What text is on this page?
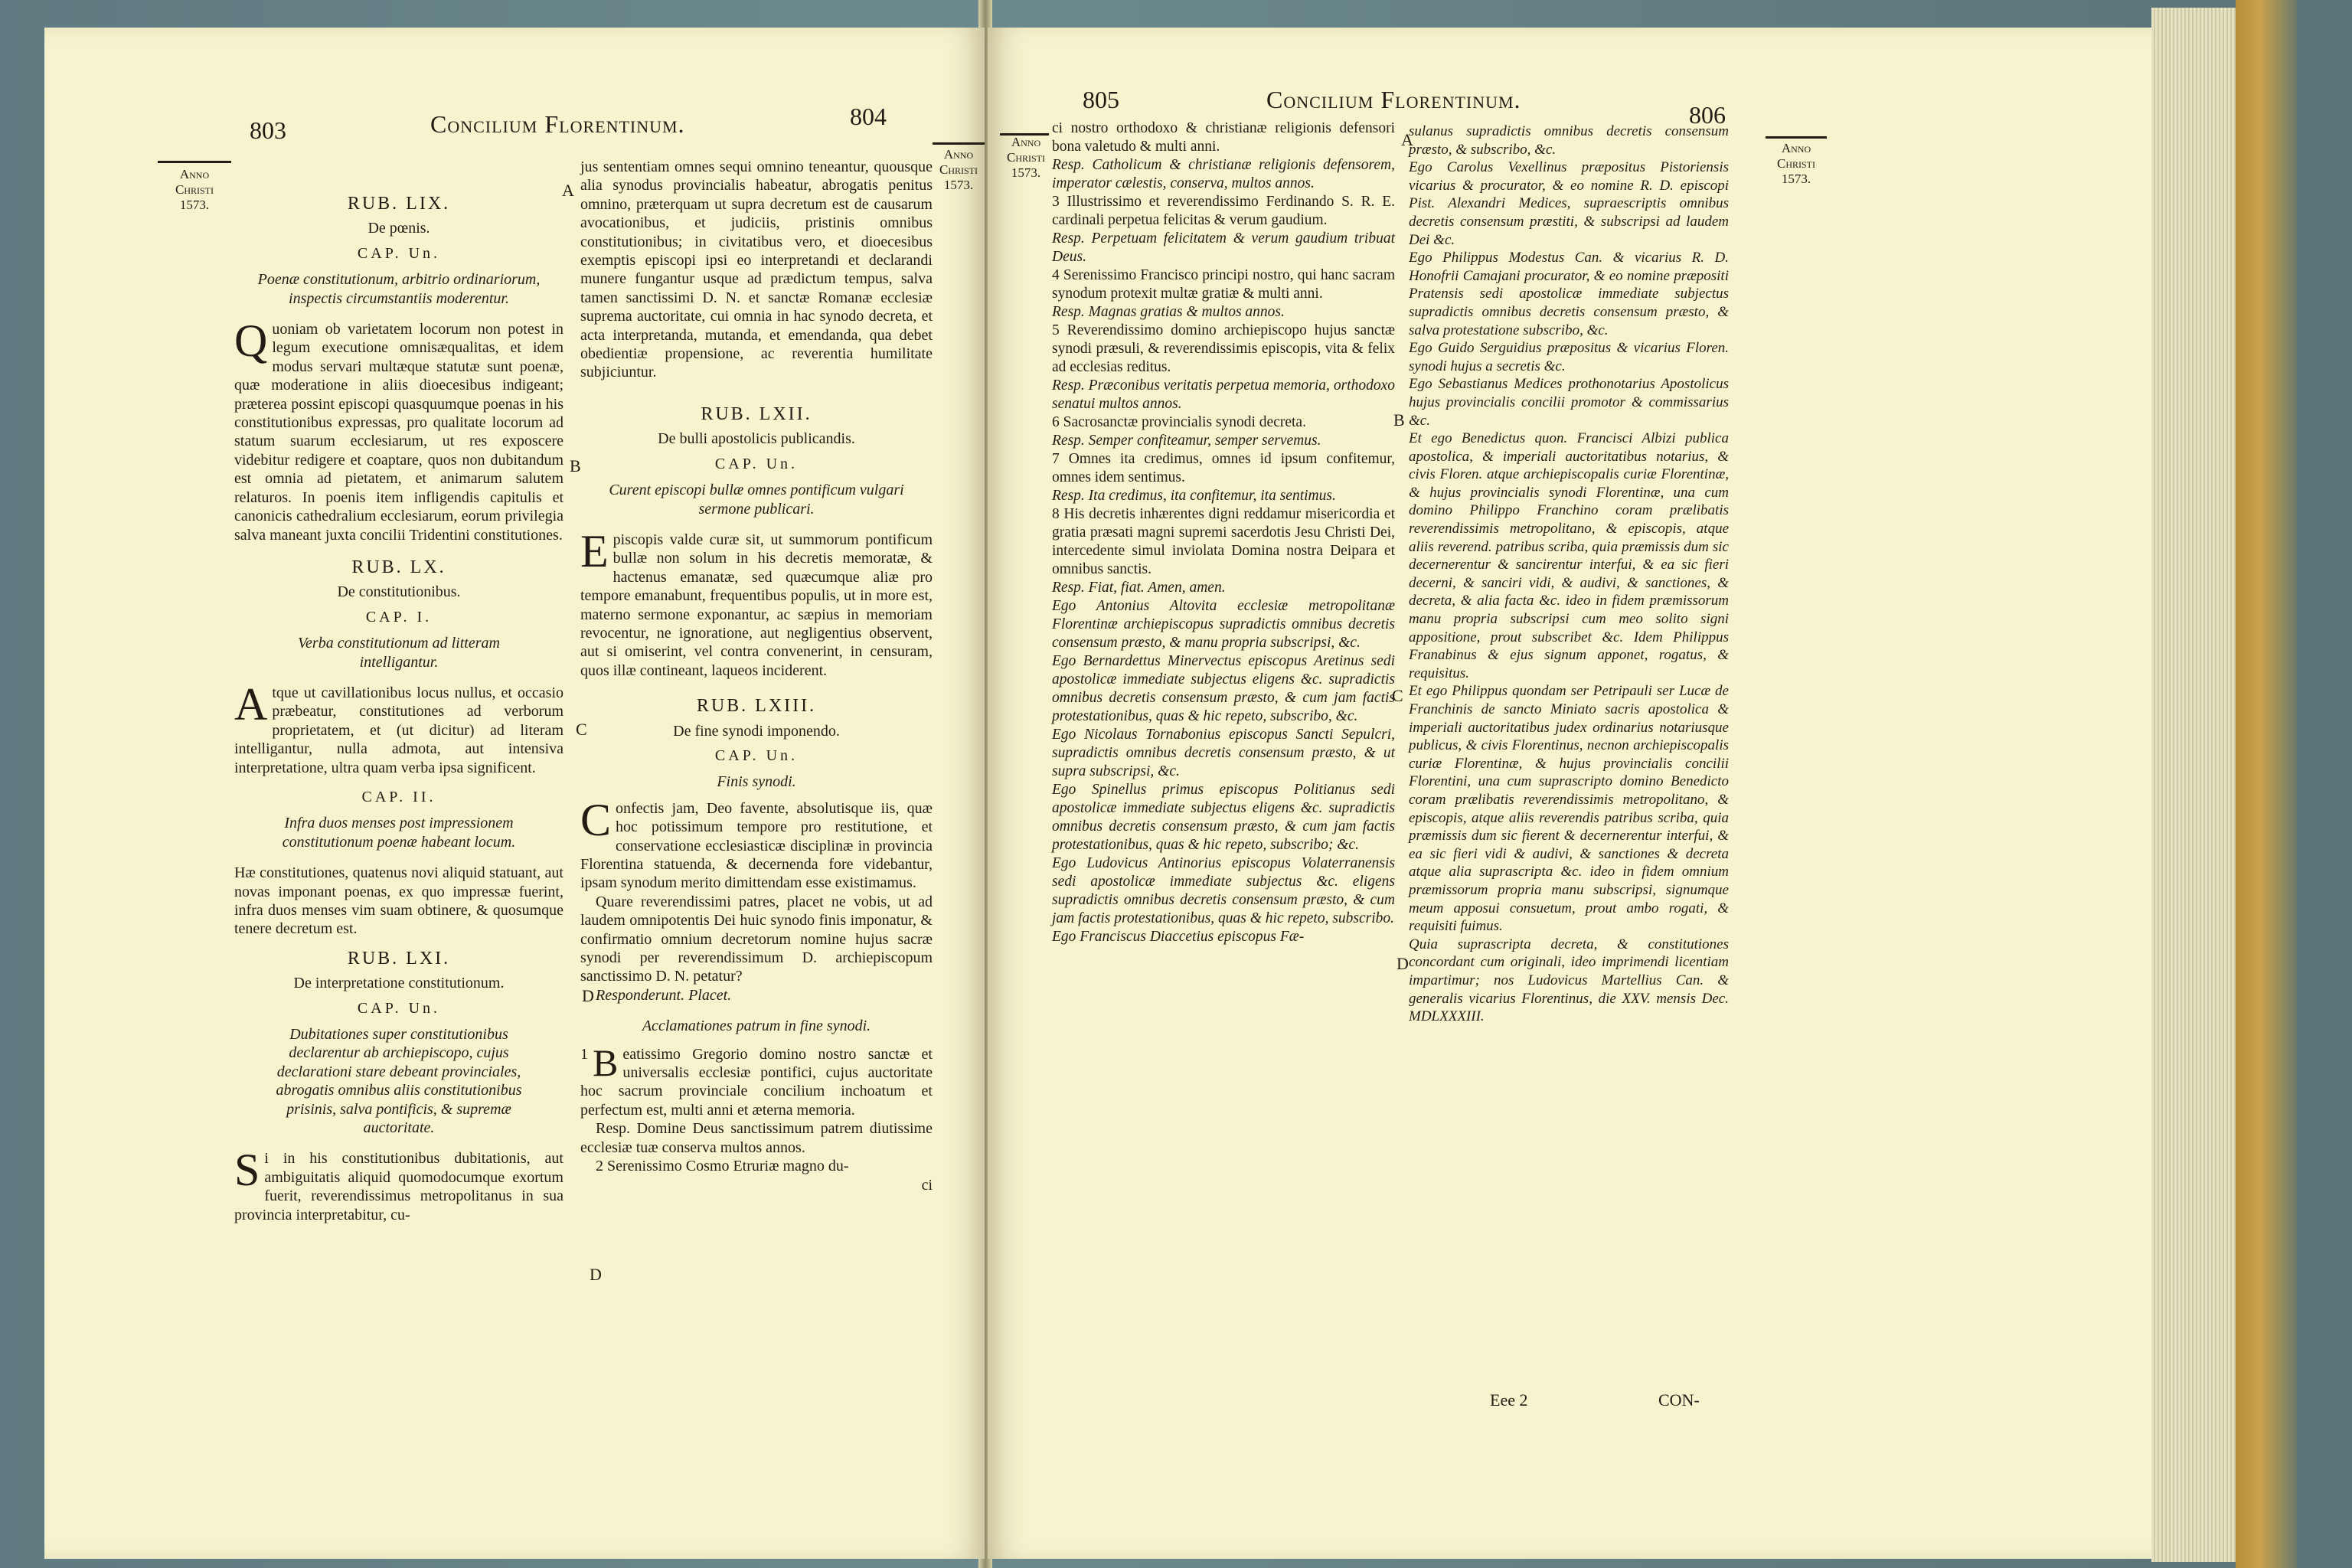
803	Concilium Florentinum.	804
Anno
Christi
1573.
Anno
Christi
1573.
A
B
C
D
D
RUB. LIX.
De pœnis.
CAP. Un.
Poenæ constitutionum, arbitrio ordinariorum, inspectis circumstantiis moderentur.

Quoniam ob varietatem locorum non potest in legum executione omnisæqualitas, et idem modus servari multæque statutæ sunt poenæ, quæ moderatione in aliis dioecesibus indigeant; præterea possint episcopi quasquumque poenas in his constitutionibus expressas, pro qualitate locorum ad statum suarum ecclesiarum, ut res exposcere videbitur redigere et coaptare, quos non dubitandum est omnia ad pietatem, et animarum salutem relaturos. In poenis item infligendis capitulis et canonicis cathedralium ecclesiarum, eorum privilegia salva maneant juxta concilii Tridentini constitutiones.

RUB. LX.
De constitutionibus.
CAP. I.
Verba constitutionum ad litteram intelligantur.

Atque ut cavillationibus locus nullus, et occasio præbeatur, constitutiones ad verborum proprietatem, et (ut dicitur) ad literam intelligantur, nulla admota, aut intensiva interpretatione, ultra quam verba ipsa significent.

CAP. II.
Infra duos menses post impressionem constitutionum poenæ habeant locum.

Hæ constitutiones, quatenus novi aliquid statuant, aut novas imponant poenas, ex quo impressæ fuerint, infra duos menses vim suam obtinere, & quosumque tenere decretum est.

RUB. LXI.
De interpretatione constitutionum.
CAP. Un.
Dubitationes super constitutionibus declarentur ab archiepiscopo, cujus declarationi stare debeant provinciales, abrogatis omnibus aliis constitutionibus prisinis, salva pontificis, & supremæ auctoritate.

Si in his constitutionibus dubitationis, aut ambiguitatis aliquid quomodocumque exortum fuerit, reverendissimus metropolitanus in sua provincia interpretabitur, cu-

jus sententiam omnes sequi omnino teneantur, quousque alia synodus provincialis habeatur, abrogatis penitus omnino, præterquam ut supra decretum est de causarum avocationibus, et judiciis, pristinis omnibus constitutionibus; in civitatibus vero, et dioecesibus exemptis episcopi ipsi eo interpretandi et declarandi munere fungantur usque ad prædictum tempus, salva tamen sanctissimi D. N. et sanctæ Romanæ ecclesiæ suprema auctoritate, cui omnia in hac synodo decreta, et acta interpretanda, mutanda, et emendanda, qua debet obedientiæ propensione, ac reverentia humilitate subjiciuntur.

RUB. LXII.
De bulli apostolicis publicandis.
CAP. Un.
Curent episcopi bullæ omnes pontificum vulgari sermone publicari.

Episcopis valde curæ sit, ut summorum pontificum bullæ non solum in his decretis memoratæ, & hactenus emanatæ, sed quæcumque aliæ pro tempore emanabunt, frequentibus populis, ut in more est, materno sermone exponantur, ac sæpius in memoriam revocentur, ne ignoratione, aut negligentius observent, aut si omiserint, vel contra convenerint, in censuram, quos illæ contineant, laqueos inciderent.

RUB. LXIII.
De fine synodi imponendo.
CAP. Un.
Finis synodi.

Confectis jam, Deo favente, absolutisque iis, quæ hoc potissimum tempore pro restitutione, et conservatione ecclesiasticæ disciplinæ in provincia Florentina statuenda, & decernenda fore videbantur, ipsam synodum merito dimittendam esse existimamus.

Quare reverendissimi patres, placet ne vobis, ut ad laudem omnipotentis Dei huic synodo finis imponatur, & confirmatio omnium decretorum nomine hujus sacræ synodi per reverendissimum D. archiepiscopum sanctissimo D. N. petatur?

Responderunt. Placet.

Acclamationes patrum in fine synodi.

1 B eatissimo Gregorio domino nostro sanctæ et universalis ecclesiæ pontifici, cujus auctoritate hoc sacrum provinciale concilium inchoatum et perfectum est, multi anni et æterna memoria.

Resp. Domine Deus sanctissimum patrem diutissime ecclesiæ tuæ conserva multos annos.

2 Serenissimo Cosmo Etruriæ magno du-

ci

805	Concilium Florentinum.
806
Anno
Christi
1573.
Anno
Christi
1573.
A
B
C
D

ci nostro orthodoxo & christianæ religionis defensori bona valetudo & multi anni.

Resp. Catholicum & christianæ religionis defensorem, imperator cælestis, conserva, multos annos.

3 Illustrissimo et reverendissimo Ferdinando S. R. E. cardinali perpetua felicitas & verum gaudium.

Resp. Perpetuam felicitatem & verum gaudium tribuat Deus.

4 Serenissimo Francisco principi nostro, qui hanc sacram synodum protexit multæ gratiæ & multi anni.

Resp. Magnas gratias & multos annos.

5 Reverendissimo domino archiepiscopo hujus sanctæ synodi præsuli, & reverendissimis episcopis, vita & felix ad ecclesias reditus.

Resp. Præconibus veritatis perpetua memoria, orthodoxo senatui multos annos.

6 Sacrosanctæ provincialis synodi decreta.

Resp. Semper confiteamur, semper servemus.

7 Omnes ita credimus, omnes id ipsum confitemur, omnes idem sentimus.

Resp. Ita credimus, ita confitemur, ita sentimus.

8 His decretis inhærentes digni reddamur misericordia et gratia præsati magni supremi sacerdotis Jesu Christi Dei, intercedente simul inviolata Domina nostra Deipara et omnibus sanctis.

Resp. Fiat, fiat. Amen, amen.

Ego Antonius Altovita ecclesiæ metropolitanæ Florentinæ archiepiscopus supradictis omnibus decretis consensum præsto, & manu propria subscripsi, &c.

Ego Bernardettus Minervectus episcopus Aretinus sedi apostolicæ immediate subjectus eligens &c. supradictis omnibus decretis consensum præsto, & cum jam factis protestationibus, quas & hic repeto, subscribo, &c.

Ego Nicolaus Tornabonius episcopus Sancti Sepulcri, supradictis omnibus decretis consensum præsto, & ut supra subscripsi, &c.

Ego Spinellus primus episcopus Politianus sedi apostolicæ immediate subjectus eligens &c. supradictis omnibus decretis consensum præsto, & cum jam factis protestationibus, quas & hic repeto, subscribo; &c.

Ego Ludovicus Antinorius episcopus Volaterranensis sedi apostolicæ immediate subjectus &c. eligens supradictis omnibus decretis consensum præsto, & cum jam factis protestationibus, quas & hic repeto, subscribo.

Ego Franciscus Diaccetius episcopus Fæ-

sulanus supradictis omnibus decretis consensum præsto, & subscribo, &c.

Ego Carolus Vexellinus præpositus Pistoriensis vicarius & procurator, & eo nomine R. D. episcopi Pist. Alexandri Medices, supraescriptis omnibus decretis consensum præstiti, & subscripsi ad laudem Dei &c.

Ego Philippus Modestus Can. & vicarius R. D. Honofrii Camajani procurator, & eo nomine præpositi Pratensis sedi apostolicæ immediate subjectus supradictis omnibus decretis consensum præsto, & salva protestatione subscribo, &c.

Ego Guido Serguidius præpositus & vicarius Floren. synodi hujus a secretis &c.

Ego Sebastianus Medices prothonotarius Apostolicus hujus provincialis concilii promotor & commissarius &c.

Et ego Benedictus quon. Francisci Albizi publica apostolica, & imperiali auctoritatibus notarius, & civis Floren. atque archiepiscopalis curiæ Florentinæ, & hujus provincialis synodi Florentinæ, una cum domino Philippo Franchino coram prælibatis reverendissimis metropolitano, & episcopis, atque aliis reverend. patribus scriba, quia præmissis dum sic decernerentur & sancirentur interfui, & ea sic fieri decerni, & sanciri vidi, & audivi, & sanctiones, & decreta, & alia facta &c. ideo in fidem præmissorum manu propria subscripsi cum meo solito signi appositione, prout subscribet &c. Idem Philippus Franabinus & ejus signum apponet, rogatus, & requisitus.

Et ego Philippus quondam ser Petripauli ser Lucæ de Franchinis de sancto Miniato sacris apostolica & imperiali auctoritatibus judex ordinarius notariusque publicus, & civis Florentinus, necnon archiepiscopalis curiæ Florentinæ, & hujus provincialis concilii Florentini, una cum suprascripto domino Benedicto coram prælibatis reverendissimis metropolitano, & episcopis, atque aliis reverendis patribus scriba, quia præmissis dum sic fierent & decernerentur interfui, & ea sic fieri vidi & audivi, & sanctiones & decreta atque alia suprascripta &c. ideo in fidem omnium præmissorum propria manu subscripsi, signumque meum apposui consuetum, prout ambo rogati, & requisiti fuimus.

Quia suprascripta decreta, & constitutiones concordant cum originali, ideo imprimendi licentiam impartimur; nos Ludovicus Martellius Can. & generalis vicarius Florentinus, die XXV. mensis Dec. MDLXXXIII.

Eee 2	CON-
